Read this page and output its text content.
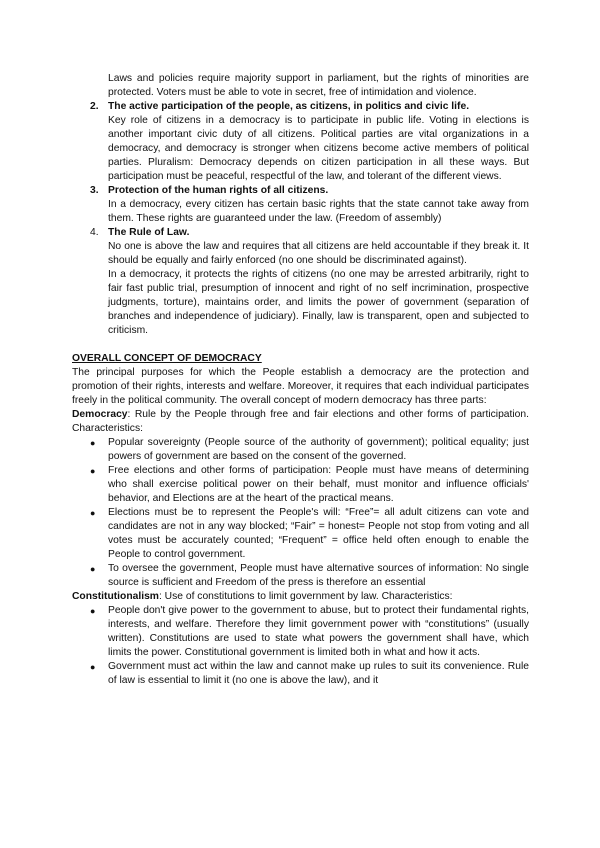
Laws and policies require majority support in parliament, but the rights of minorities are protected. Voters must be able to vote in secret, free of intimidation and violence.

2. The active participation of the people, as citizens, in politics and civic life.

Key role of citizens in a democracy is to participate in public life. Voting in elections is another important civic duty of all citizens. Political parties are vital organizations in a democracy, and democracy is stronger when citizens become active members of political parties. Pluralism: Democracy depends on citizen participation in all these ways. But participation must be peaceful, respectful of the law, and tolerant of the different views.

3. Protection of the human rights of all citizens.

In a democracy, every citizen has certain basic rights that the state cannot take away from them. These rights are guaranteed under the law. (Freedom of assembly)

4. The Rule of Law.

No one is above the law and requires that all citizens are held accountable if they break it. It should be equally and fairly enforced (no one should be discriminated against).

In a democracy, it protects the rights of citizens (no one may be arrested arbitrarily, right to fair fast public trial, presumption of innocent and right of no self incrimination, prospective judgments, torture), maintains order, and limits the power of government (separation of branches and independence of judiciary). Finally, law is transparent, open and subjected to criticism.

OVERALL CONCEPT OF DEMOCRACY

The principal purposes for which the People establish a democracy are the protection and promotion of their rights, interests and welfare. Moreover, it requires that each individual participates freely in the political community. The overall concept of modern democracy has three parts:

Democracy: Rule by the People through free and fair elections and other forms of participation. Characteristics:

● Popular sovereignty (People source of the authority of government); political equality; just powers of government are based on the consent of the governed.
● Free elections and other forms of participation: People must have means of determining who shall exercise political power on their behalf, must monitor and influence officials' behavior, and Elections are at the heart of the practical means.
● Elections must be to represent the People's will: “Free”= all adult citizens can vote and candidates are not in any way blocked; “Fair” = honest= People not stop from voting and all votes must be accurately counted; “Frequent” = office held often enough to enable the People to control government.
● To oversee the government, People must have alternative sources of information: No single source is sufficient and Freedom of the press is therefore an essential

Constitutionalism: Use of constitutions to limit government by law. Characteristics:

● People don't give power to the government to abuse, but to protect their fundamental rights, interests, and welfare. Therefore they limit government power with “constitutions” (usually written). Constitutions are used to state what powers the government shall have, which limits the power. Constitutional government is limited both in what and how it acts.
● Government must act within the law and cannot make up rules to suit its convenience. Rule of law is essential to limit it (no one is above the law), and it
